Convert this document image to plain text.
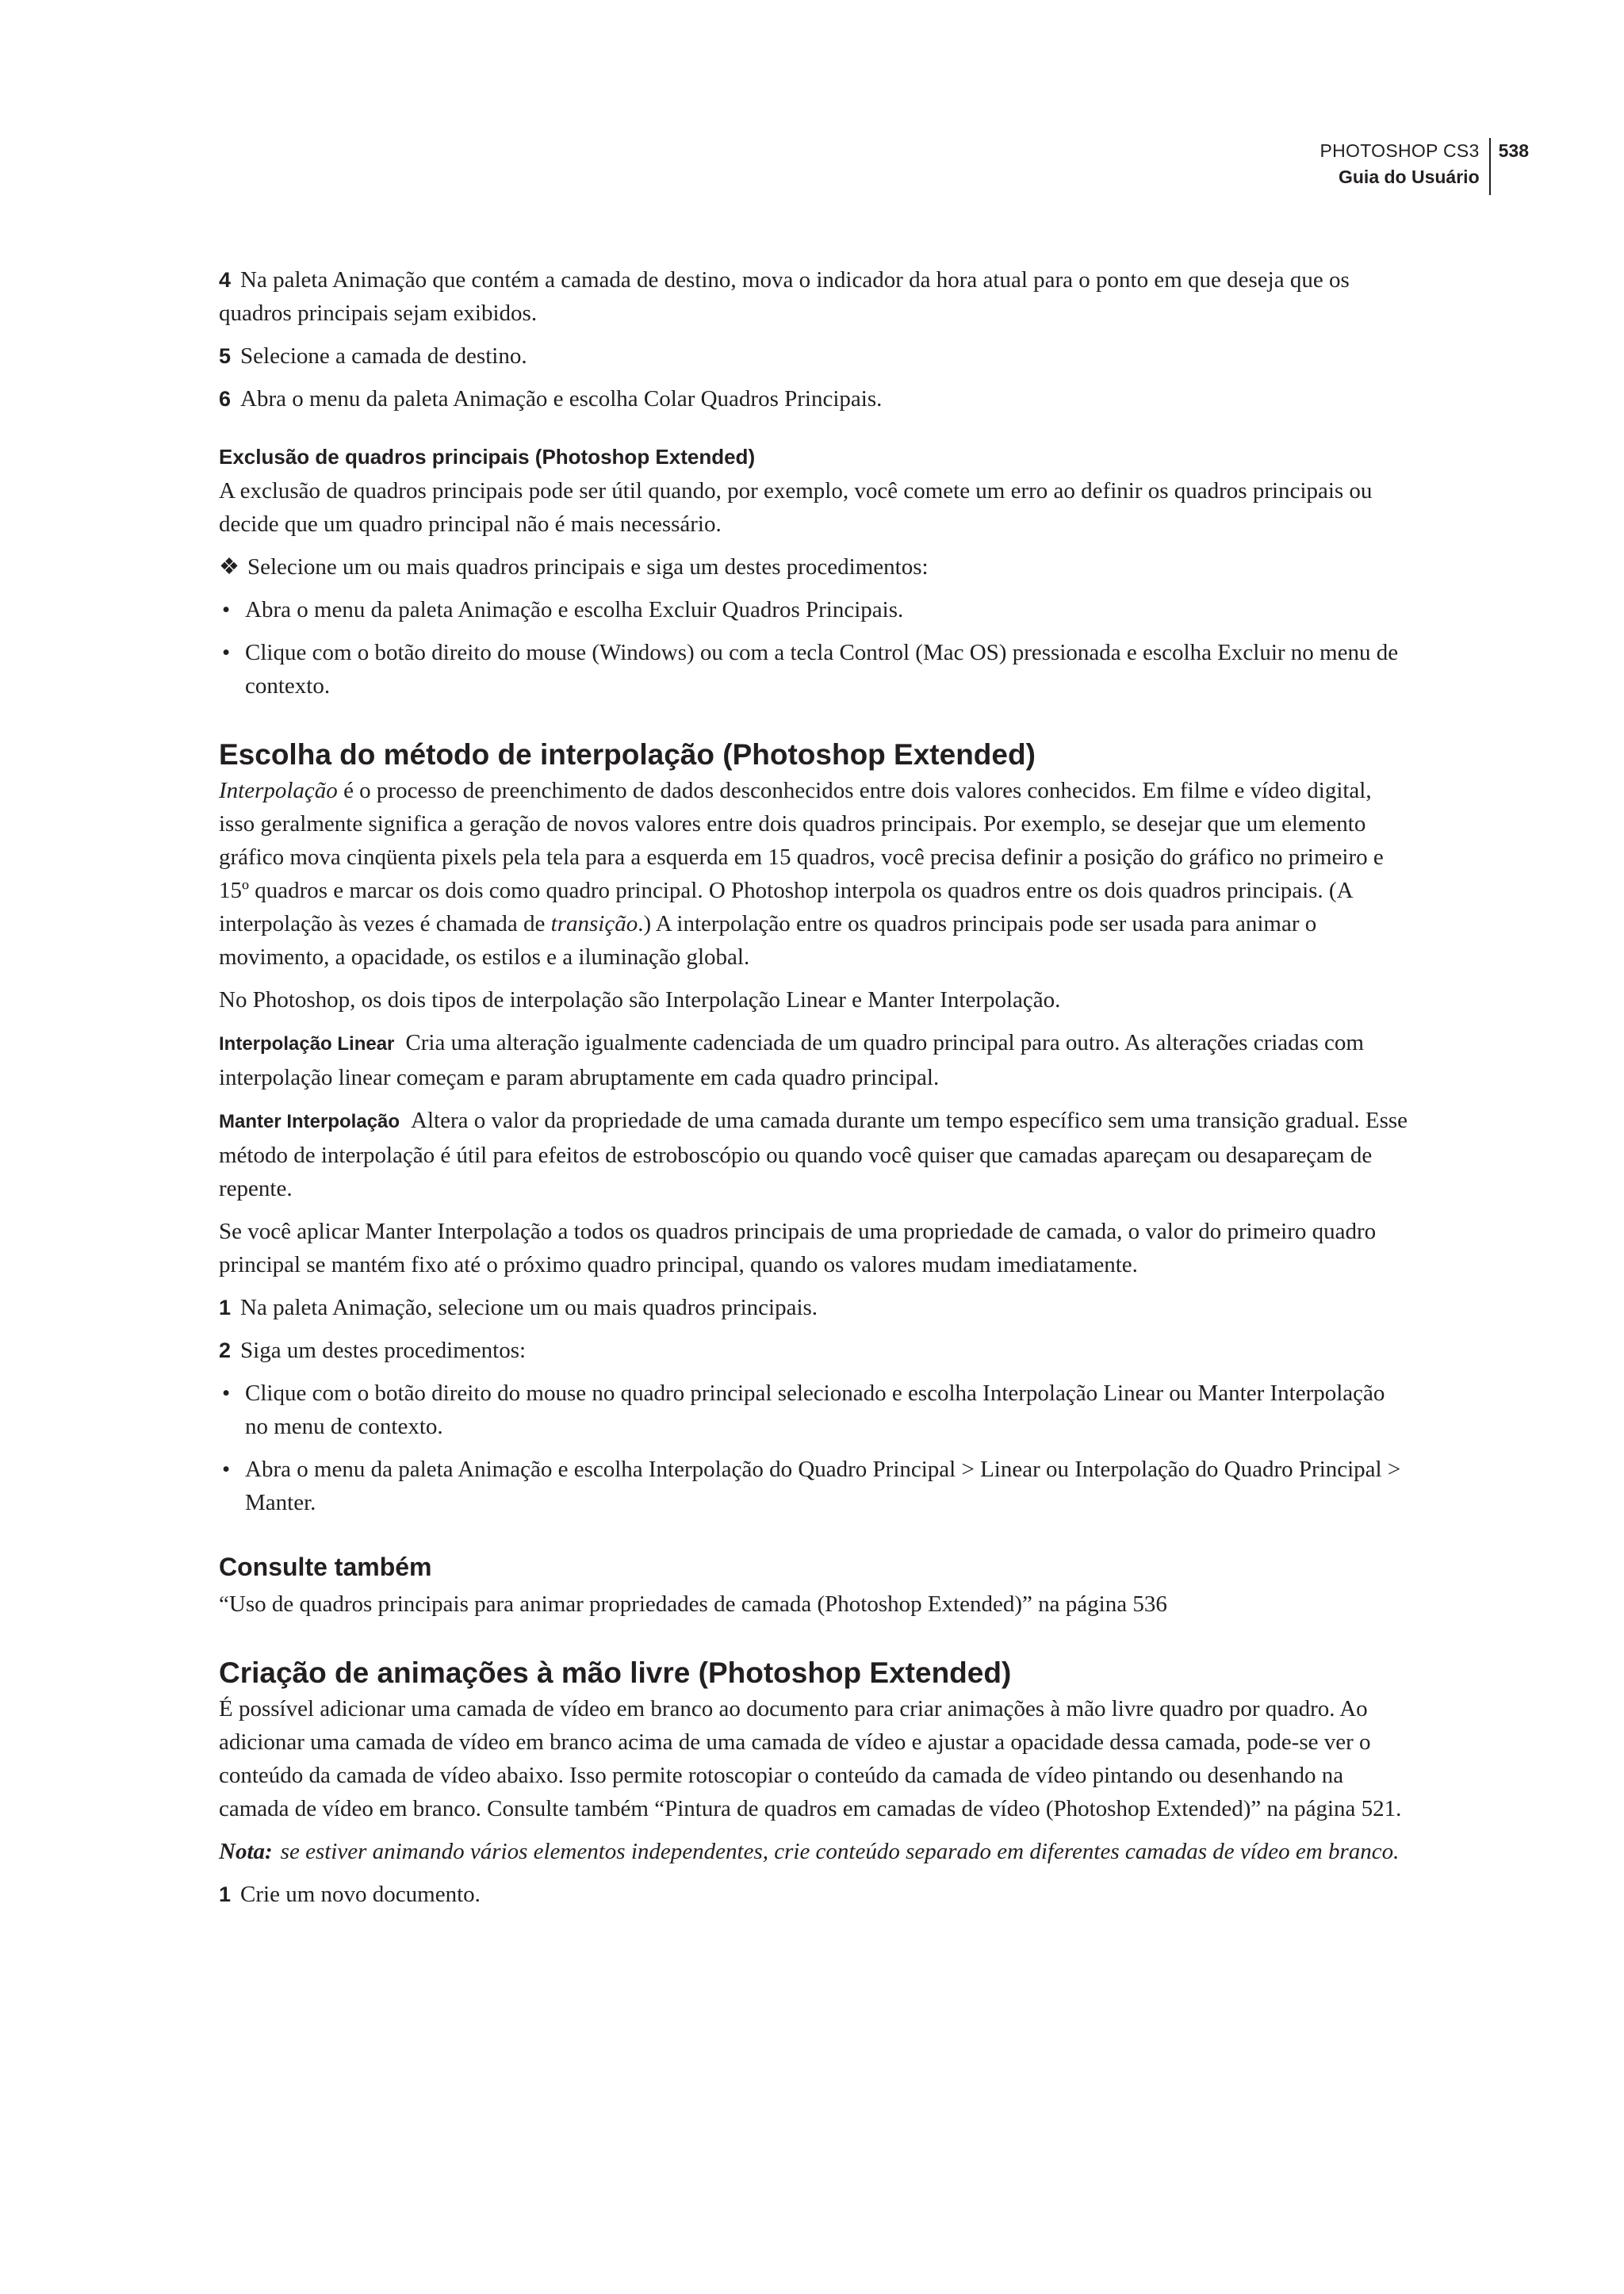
PHOTOSHOP CS3
Guia do Usuário
538

4 Na paleta Animação que contém a camada de destino, mova o indicador da hora atual para o ponto em que deseja que os quadros principais sejam exibidos.

5 Selecione a camada de destino.

6 Abra o menu da paleta Animação e escolha Colar Quadros Principais.

Exclusão de quadros principais (Photoshop Extended)

A exclusão de quadros principais pode ser útil quando, por exemplo, você comete um erro ao definir os quadros principais ou decide que um quadro principal não é mais necessário.

❖ Selecione um ou mais quadros principais e siga um destes procedimentos:

• Abra o menu da paleta Animação e escolha Excluir Quadros Principais.
• Clique com o botão direito do mouse (Windows) ou com a tecla Control (Mac OS) pressionada e escolha Excluir no menu de contexto.
Escolha do método de interpolação (Photoshop Extended)

Interpolação é o processo de preenchimento de dados desconhecidos entre dois valores conhecidos. Em filme e vídeo digital, isso geralmente significa a geração de novos valores entre dois quadros principais. Por exemplo, se desejar que um elemento gráfico mova cinqüenta pixels pela tela para a esquerda em 15 quadros, você precisa definir a posição do gráfico no primeiro e 15º quadros e marcar os dois como quadro principal. O Photoshop interpola os quadros entre os dois quadros principais. (A interpolação às vezes é chamada de transição.) A interpolação entre os quadros principais pode ser usada para animar o movimento, a opacidade, os estilos e a iluminação global.

No Photoshop, os dois tipos de interpolação são Interpolação Linear e Manter Interpolação.

Interpolação Linear Cria uma alteração igualmente cadenciada de um quadro principal para outro. As alterações criadas com interpolação linear começam e param abruptamente em cada quadro principal.

Manter Interpolação Altera o valor da propriedade de uma camada durante um tempo específico sem uma transição gradual. Esse método de interpolação é útil para efeitos de estroboscópio ou quando você quiser que camadas apareçam ou desapareçam de repente.

Se você aplicar Manter Interpolação a todos os quadros principais de uma propriedade de camada, o valor do primeiro quadro principal se mantém fixo até o próximo quadro principal, quando os valores mudam imediatamente.

1 Na paleta Animação, selecione um ou mais quadros principais.

2 Siga um destes procedimentos:

• Clique com o botão direito do mouse no quadro principal selecionado e escolha Interpolação Linear ou Manter Interpolação no menu de contexto.
• Abra o menu da paleta Animação e escolha Interpolação do Quadro Principal > Linear ou Interpolação do Quadro Principal > Manter.
Consulte também

“Uso de quadros principais para animar propriedades de camada (Photoshop Extended)” na página 536

Criação de animações à mão livre (Photoshop Extended)

É possível adicionar uma camada de vídeo em branco ao documento para criar animações à mão livre quadro por quadro. Ao adicionar uma camada de vídeo em branco acima de uma camada de vídeo e ajustar a opacidade dessa camada, pode-se ver o conteúdo da camada de vídeo abaixo. Isso permite rotoscopiar o conteúdo da camada de vídeo pintando ou desenhando na camada de vídeo em branco. Consulte também “Pintura de quadros em camadas de vídeo (Photoshop Extended)” na página 521.

Nota: se estiver animando vários elementos independentes, crie conteúdo separado em diferentes camadas de vídeo em branco.

1 Crie um novo documento.
